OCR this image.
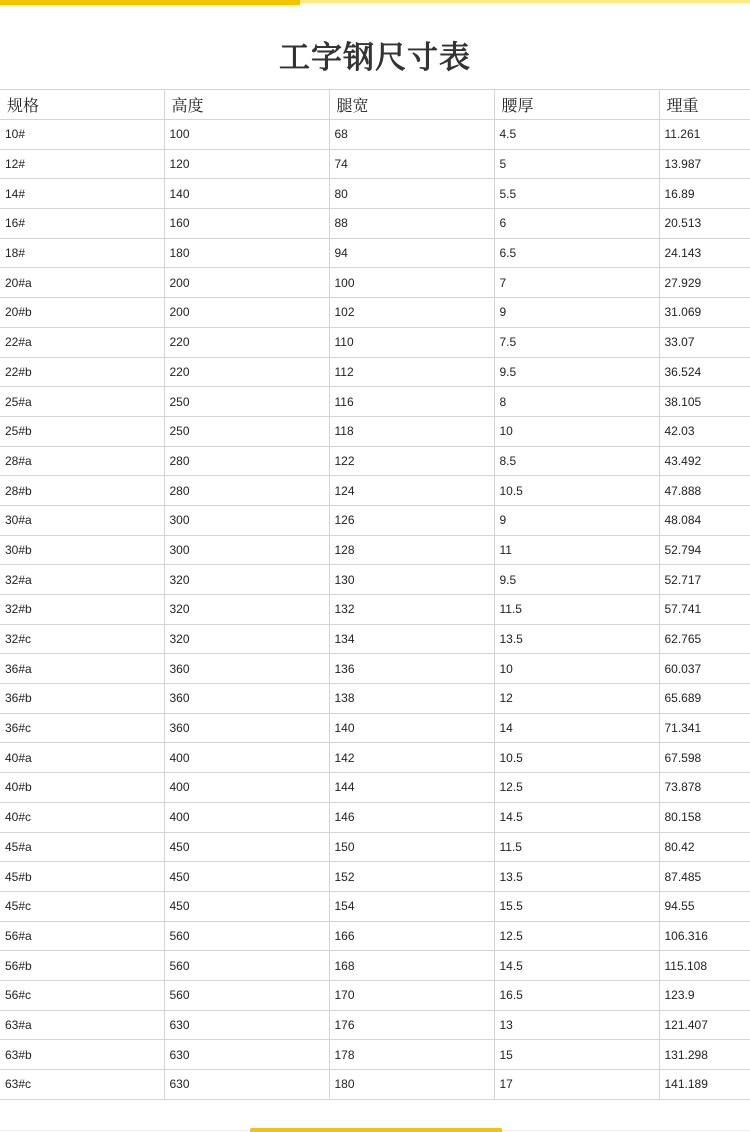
工字钢尺寸表
规格	高度	腿宽	腰厚	理重
10#	100	68	4.5	11.261
12#	120	74	5	13.987
14#	140	80	5.5	16.89
16#	160	88	6	20.513
18#	180	94	6.5	24.143
20#a	200	100	7	27.929
20#b	200	102	9	31.069
22#a	220	110	7.5	33.07
22#b	220	112	9.5	36.524
25#a	250	116	8	38.105
25#b	250	118	10	42.03
28#a	280	122	8.5	43.492
28#b	280	124	10.5	47.888
30#a	300	126	9	48.084
30#b	300	128	11	52.794
32#a	320	130	9.5	52.717
32#b	320	132	11.5	57.741
32#c	320	134	13.5	62.765
36#a	360	136	10	60.037
36#b	360	138	12	65.689
36#c	360	140	14	71.341
40#a	400	142	10.5	67.598
40#b	400	144	12.5	73.878
40#c	400	146	14.5	80.158
45#a	450	150	11.5	80.42
45#b	450	152	13.5	87.485
45#c	450	154	15.5	94.55
56#a	560	166	12.5	106.316
56#b	560	168	14.5	115.108
56#c	560	170	16.5	123.9
63#a	630	176	13	121.407
63#b	630	178	15	131.298
63#c	630	180	17	141.189
